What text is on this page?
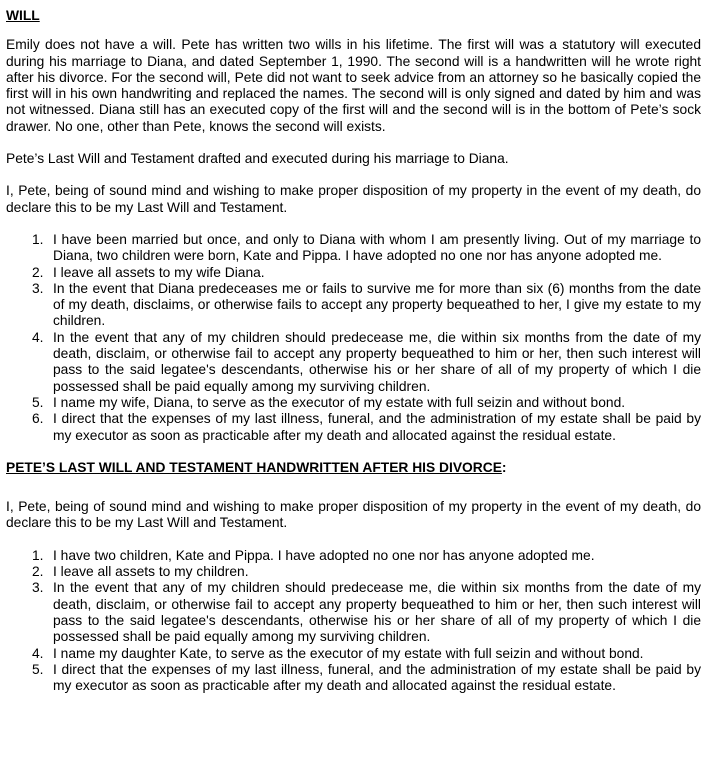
WILL

Emily does not have a will. Pete has written two wills in his lifetime. The first will was a statutory will executed during his marriage to Diana, and dated September 1, 1990. The second will is a handwritten will he wrote right after his divorce. For the second will, Pete did not want to seek advice from an attorney so he basically copied the first will in his own handwriting and replaced the names. The second will is only signed and dated by him and was not witnessed. Diana still has an executed copy of the first will and the second will is in the bottom of Pete’s sock drawer. No one, other than Pete, knows the second will exists.

Pete’s Last Will and Testament drafted and executed during his marriage to Diana.

I, Pete, being of sound mind and wishing to make proper disposition of my property in the event of my death, do declare this to be my Last Will and Testament.

1. I have been married but once, and only to Diana with whom I am presently living. Out of my marriage to Diana, two children were born, Kate and Pippa. I have adopted no one nor has anyone adopted me.
2. I leave all assets to my wife Diana.
3. In the event that Diana predeceases me or fails to survive me for more than six (6) months from the date of my death, disclaims, or otherwise fails to accept any property bequeathed to her, I give my estate to my children.
4. In the event that any of my children should predecease me, die within six months from the date of my death, disclaim, or otherwise fail to accept any property bequeathed to him or her, then such interest will pass to the said legatee's descendants, otherwise his or her share of all of my property of which I die possessed shall be paid equally among my surviving children.
5. I name my wife, Diana, to serve as the executor of my estate with full seizin and without bond.
6. I direct that the expenses of my last illness, funeral, and the administration of my estate shall be paid by my executor as soon as practicable after my death and allocated against the residual estate.
PETE’S LAST WILL AND TESTAMENT HANDWRITTEN AFTER HIS DIVORCE:

I, Pete, being of sound mind and wishing to make proper disposition of my property in the event of my death, do declare this to be my Last Will and Testament.

1. I have two children, Kate and Pippa. I have adopted no one nor has anyone adopted me.
2. I leave all assets to my children.
3. In the event that any of my children should predecease me, die within six months from the date of my death, disclaim, or otherwise fail to accept any property bequeathed to him or her, then such interest will pass to the said legatee's descendants, otherwise his or her share of all of my property of which I die possessed shall be paid equally among my surviving children.
4. I name my daughter Kate, to serve as the executor of my estate with full seizin and without bond.
5. I direct that the expenses of my last illness, funeral, and the administration of my estate shall be paid by my executor as soon as practicable after my death and allocated against the residual estate.
